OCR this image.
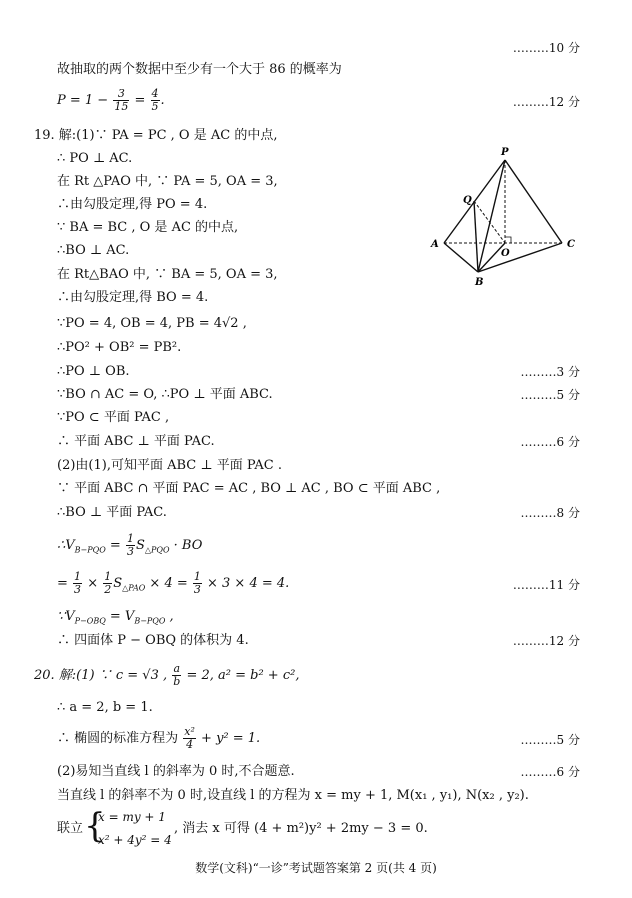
………10 分
故抽取的两个数据中至少有一个大于 86 的概率为
$P = 1 - \frac{3}{15} = \frac{4}{5}$ .	………12 分
19. 解:(1)∵ PA = PC , O 是 AC 的中点,
∴ PO ⊥ AC.
在 Rt △PAO 中, ∵ PA = 5, OA = 3,
∴由勾股定理,得 PO = 4.
∵ BA = BC , O 是 AC 的中点,
∴BO ⊥ AC.
在 Rt△BAO 中, ∵ BA = 5, OA = 3,
∴由勾股定理,得 BO = 4.
∵PO = 4, OB = 4, PB = 4√2 ,
∴PO² + OB² = PB².
∴PO ⊥ OB.	………3 分
∵BO ∩ AC = O, ∴PO ⊥ 平面 ABC.	………5 分
∵PO ⊂ 平面 PAC ,
∴ 平面 ABC ⊥ 平面 PAC.	………6 分
(2)由(1),可知平面 ABC ⊥ 平面 PAC .
∵ 平面 ABC ∩ 平面 PAC = AC , BO ⊥ AC , BO ⊂ 平面 ABC ,
∴BO ⊥ 平面 PAC.	………8 分
$\therefore V_{B-PQO} = \frac{1}{3} S_{\triangle PQO}$ · BO
= $\frac{1}{3} \times \frac{1}{2} S_{\triangle PAO} \times 4 = \frac{1}{3} \times 3 \times 4 = 4$.	………11 分
$\because V_{P-OBQ} = V_{B-PQO}$ ,
∴ 四面体 P − OBQ 的体积为 4.	………12 分
P
Q
A
O
C
B
20. 解:(1) ∵ c = √3 , $\frac{a}{b} = 2$, a² = b² + c²,
∴ a = 2, b = 1.
∴ 椭圆的标准方程为 $\frac{\text{x²}}{4} + y^2 = 1$.	………5 分
(2)易知当直线 l 的斜率为 0 时,不合题意.	………6 分
当直线 l 的斜率不为 0 时,设直线 l 的方程为 x = my + 1, M(x₁ , y₁), N(x₂ , y₂).
联立 {
x = my + 1
x² + 4y² = 4
, 消去 x 可得 (4 + m²)y² + 2my − 3 = 0.
数学(文科)“一诊”考试题答案第 2 页(共 4 页)
